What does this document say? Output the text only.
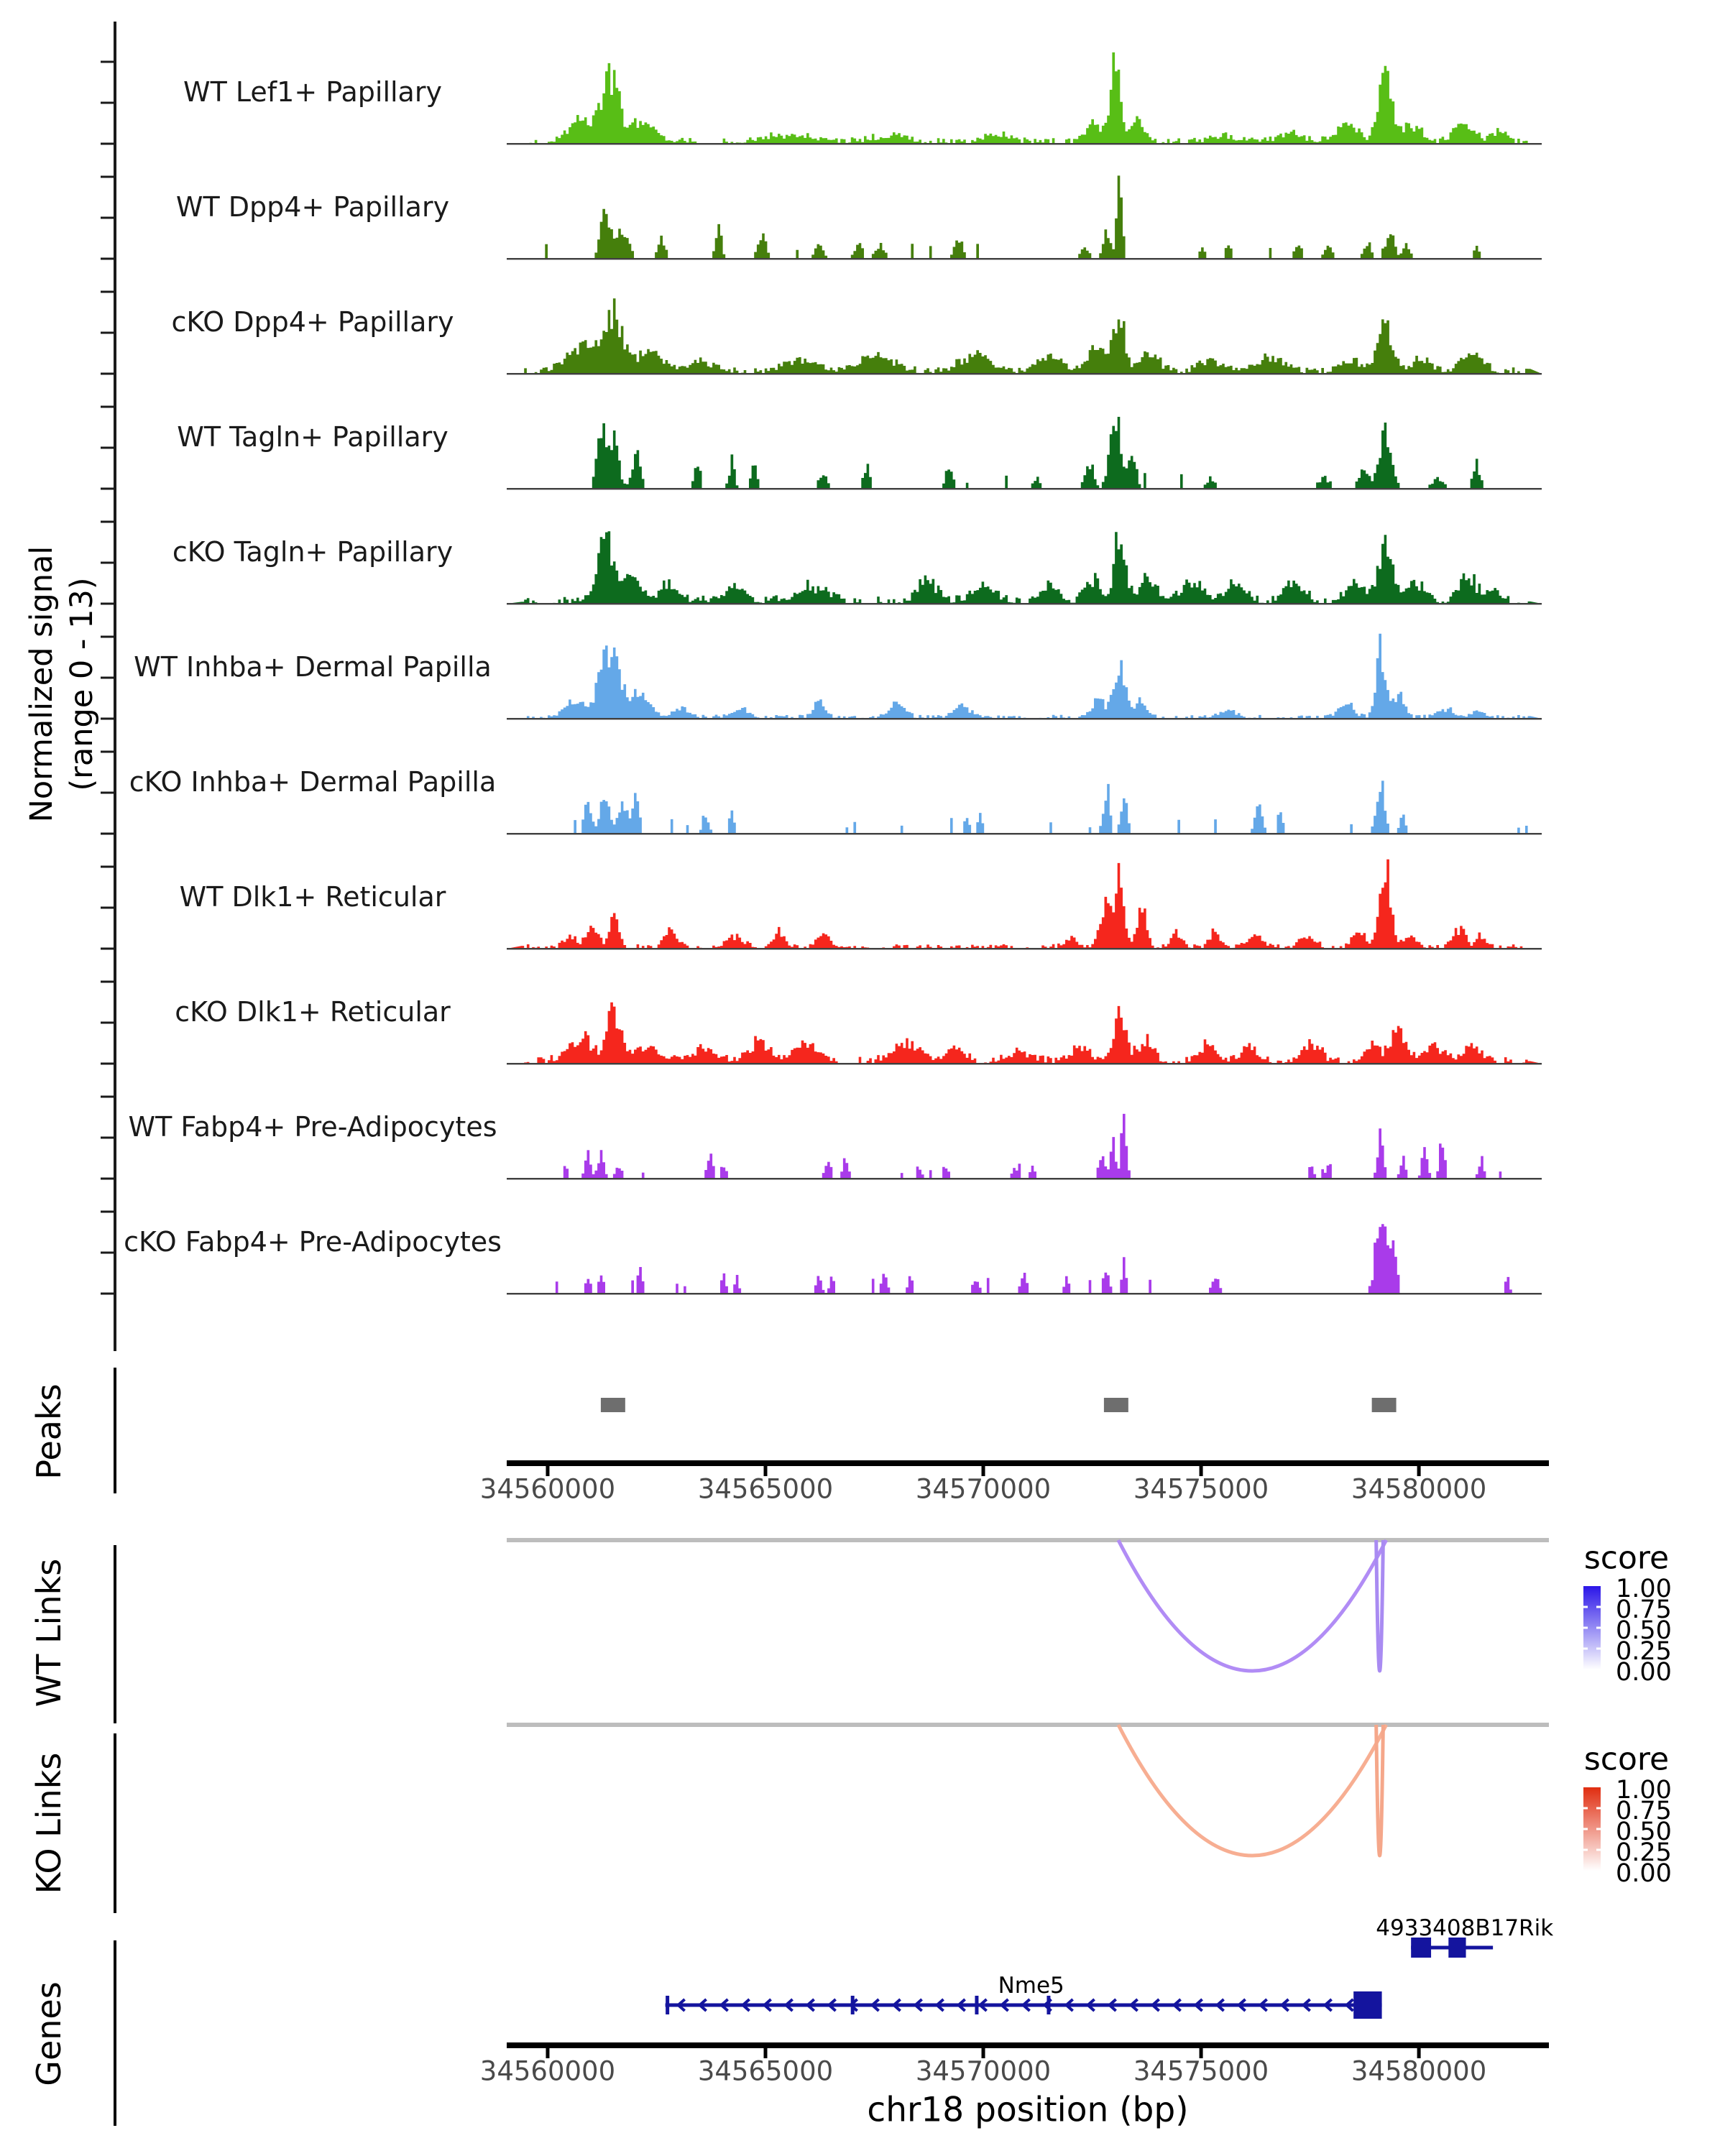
Normalized signal (range 0 - 13)
WT Lef1+ Papillary
WT Dpp4+ Papillary
cKO Dpp4+ Papillary
WT Tagln+ Papillary
cKO Tagln+ Papillary
WT Inhba+ Dermal Papilla
cKO Inhba+ Dermal Papilla
WT Dlk1+ Reticular
cKO Dlk1+ Reticular
WT Fabp4+ Pre-Adipocytes
cKO Fabp4+ Pre-Adipocytes
Peaks
WT Links
KO Links
Genes
34560000
34560000
34565000
34565000
34570000
34570000
34575000
34575000
34580000
34580000
score
1.00
0.75
0.50
0.25
0.00
score
1.00
0.75
0.50
0.25
0.00
4933408B17Rik
Nme5
chr18 position (bp)
